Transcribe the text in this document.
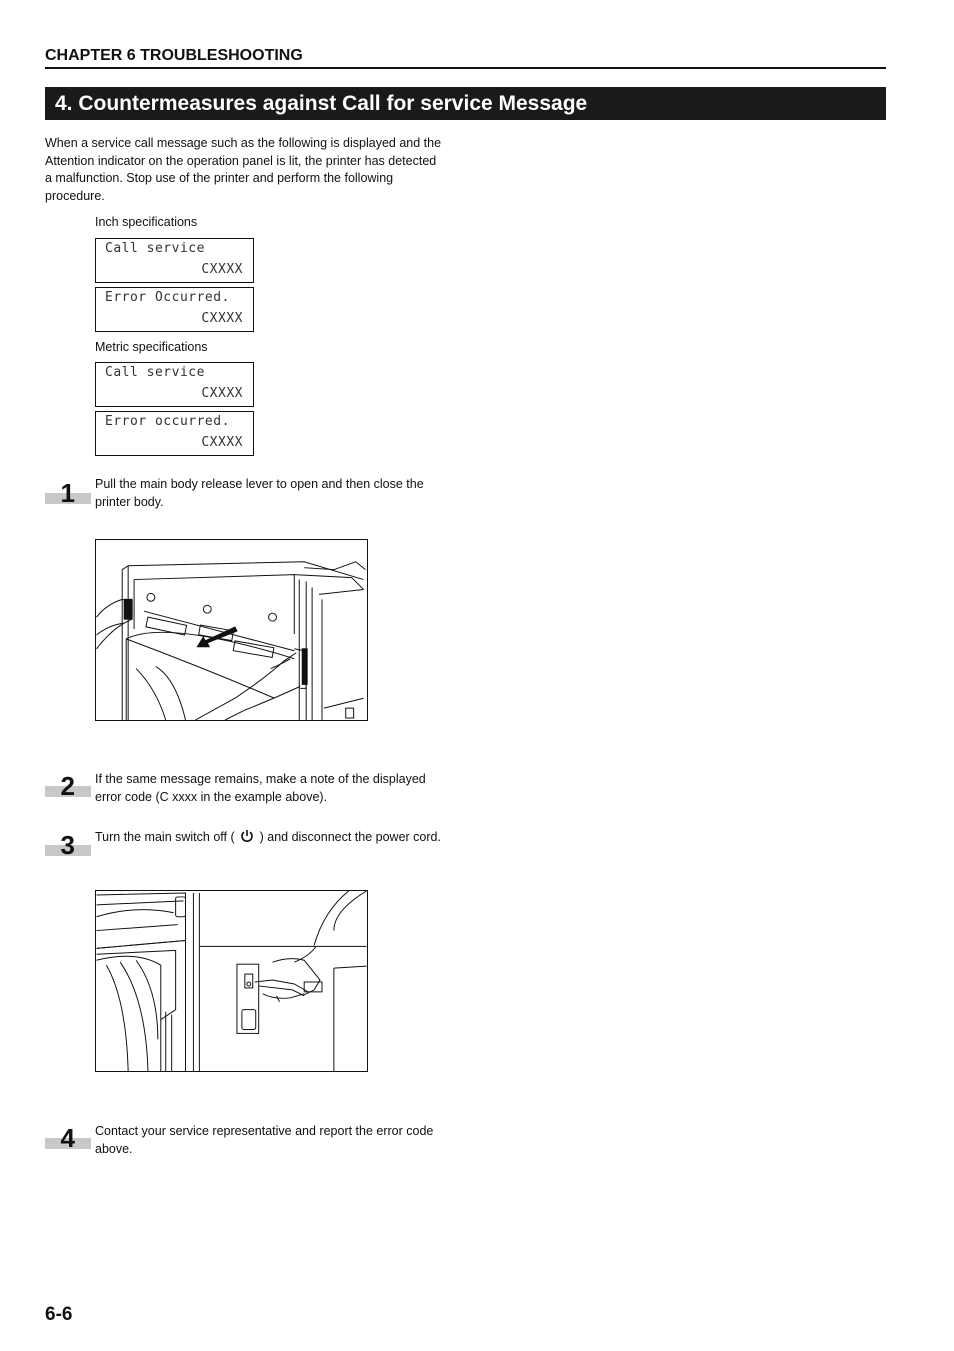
CHAPTER 6 TROUBLESHOOTING
4. Countermeasures against Call for service Message
When a service call message such as the following is displayed and the Attention indicator on the operation panel is lit, the printer has detected a malfunction. Stop use of the printer and perform the following procedure.
Inch specifications
Call service
CXXXX
Error Occurred.
CXXXX
Metric specifications
Call service
CXXXX
Error occurred.
CXXXX
1 Pull the main body release lever to open and then close the printer body.
2 If the same message remains, make a note of the displayed error code (C xxxx in the example above).
3 Turn the main switch off ( ) and disconnect the power cord.
4 Contact your service representative and report the error code above.
6-6
